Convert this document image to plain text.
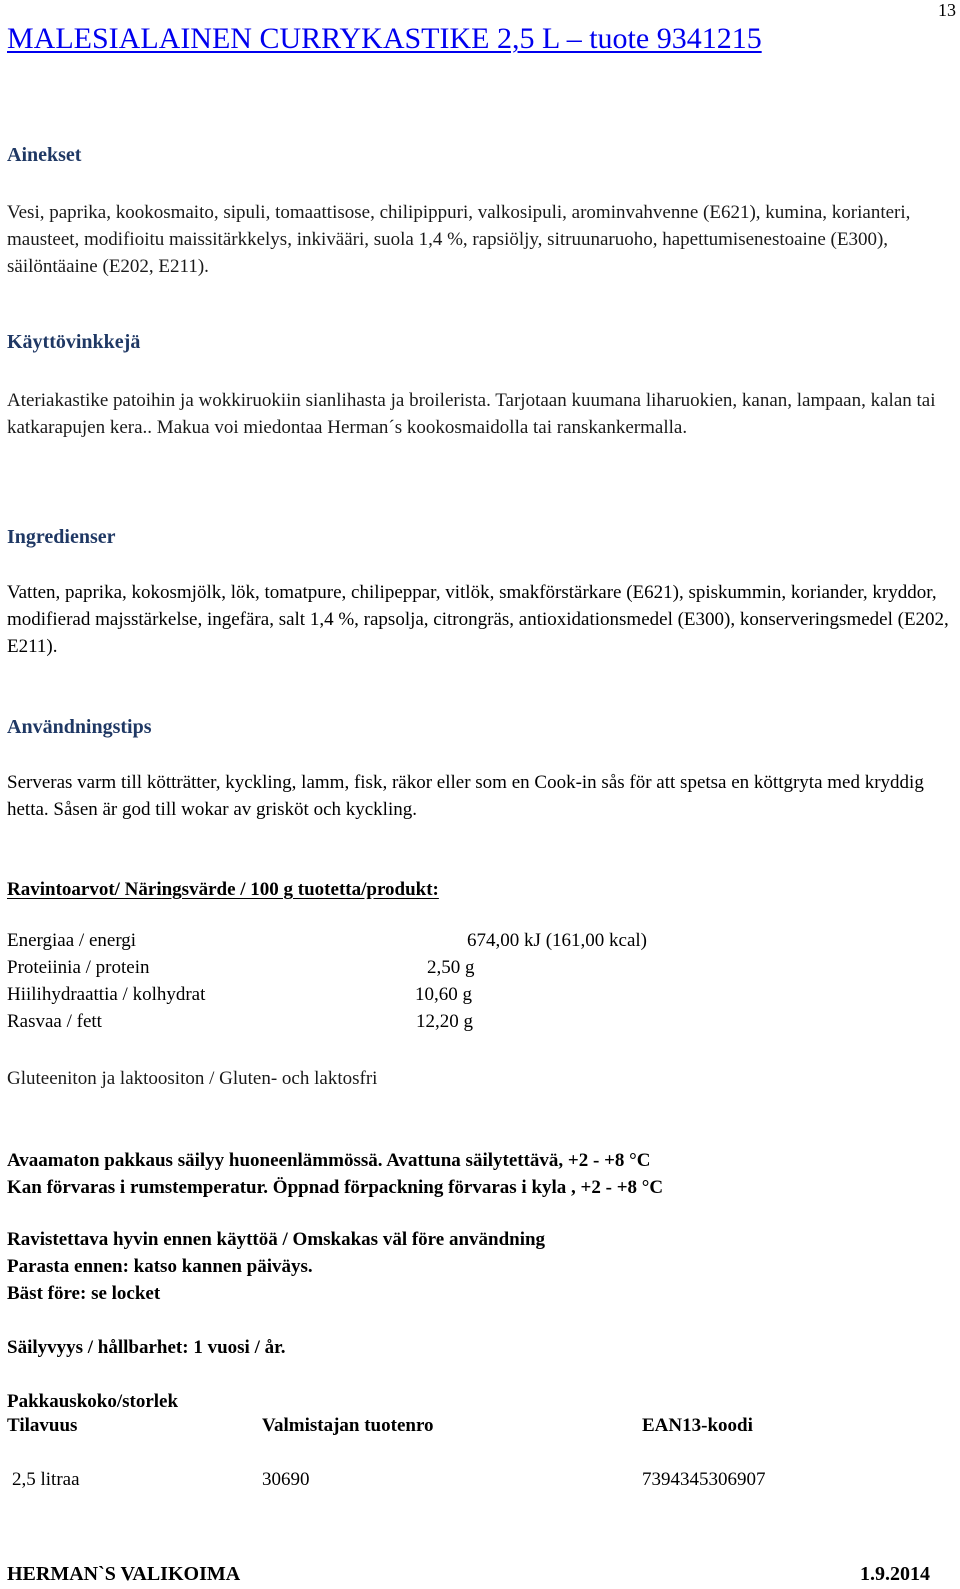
13
MALESIALAINEN CURRYKASTIKE 2,5 L – tuote 9341215
Ainekset
Vesi, paprika, kookosmaito, sipuli, tomaattisose, chilipippuri, valkosipuli, arominvahvenne (E621), kumina, korianteri, mausteet, modifioitu maissitärkkelys, inkivääri, suola 1,4 %, rapsiöljy, sitruunaruoho, hapettumisenestoaine (E300), säilöntäaine (E202, E211).
Käyttövinkkejä
Ateriakastike patoihin ja wokkiruokiin sianlihasta ja broilerista. Tarjotaan kuumana liharuokien, kanan, lampaan, kalan tai katkarapujen kera.. Makua voi miedontaa Herman´s kookosmaidolla tai ranskankermalla.
Ingredienser
Vatten, paprika, kokosmjölk, lök, tomatpure, chilipeppar, vitlök, smakförstärkare (E621), spiskummin, koriander, kryddor, modifierad majsstärkelse, ingefära, salt 1,4 %, rapsolja, citrongräs, antioxidationsmedel (E300), konserveringsmedel (E202, E211).
Användningstips
Serveras varm till kötträtter, kyckling, lamm, fisk, räkor eller som en Cook-in sås för att spetsa en köttgryta med kryddig hetta. Såsen är god till wokar av grisköt och kyckling.
Ravintoarvot/ Näringsvärde / 100 g tuotetta/produkt:
Energiaa / energi	674,00 kJ (161,00 kcal)
Proteiinia / protein	2,50 g
Hiilihydraattia / kolhydrat	10,60 g
Rasvaa / fett	12,20 g
Gluteeniton ja laktoositon / Gluten- och laktosfri
Avaamaton pakkaus säilyy huoneenlämmössä. Avattuna säilytettävä, +2 - +8 °C
Kan förvaras i rumstemperatur. Öppnad förpackning förvaras i kyla , +2 - +8 °C
Ravistettava hyvin ennen käyttöä / Omskakas väl före användning
Parasta ennen: katso kannen päiväys.
Bäst före: se locket
Säilyvyys / hållbarhet: 1 vuosi / år.
Pakkauskoko/storlek
Tilavuus	Valmistajan tuotenro	EAN13-koodi
2,5 litraa	30690	7394345306907
HERMAN`S VALIKOIMA	1.9.2014
